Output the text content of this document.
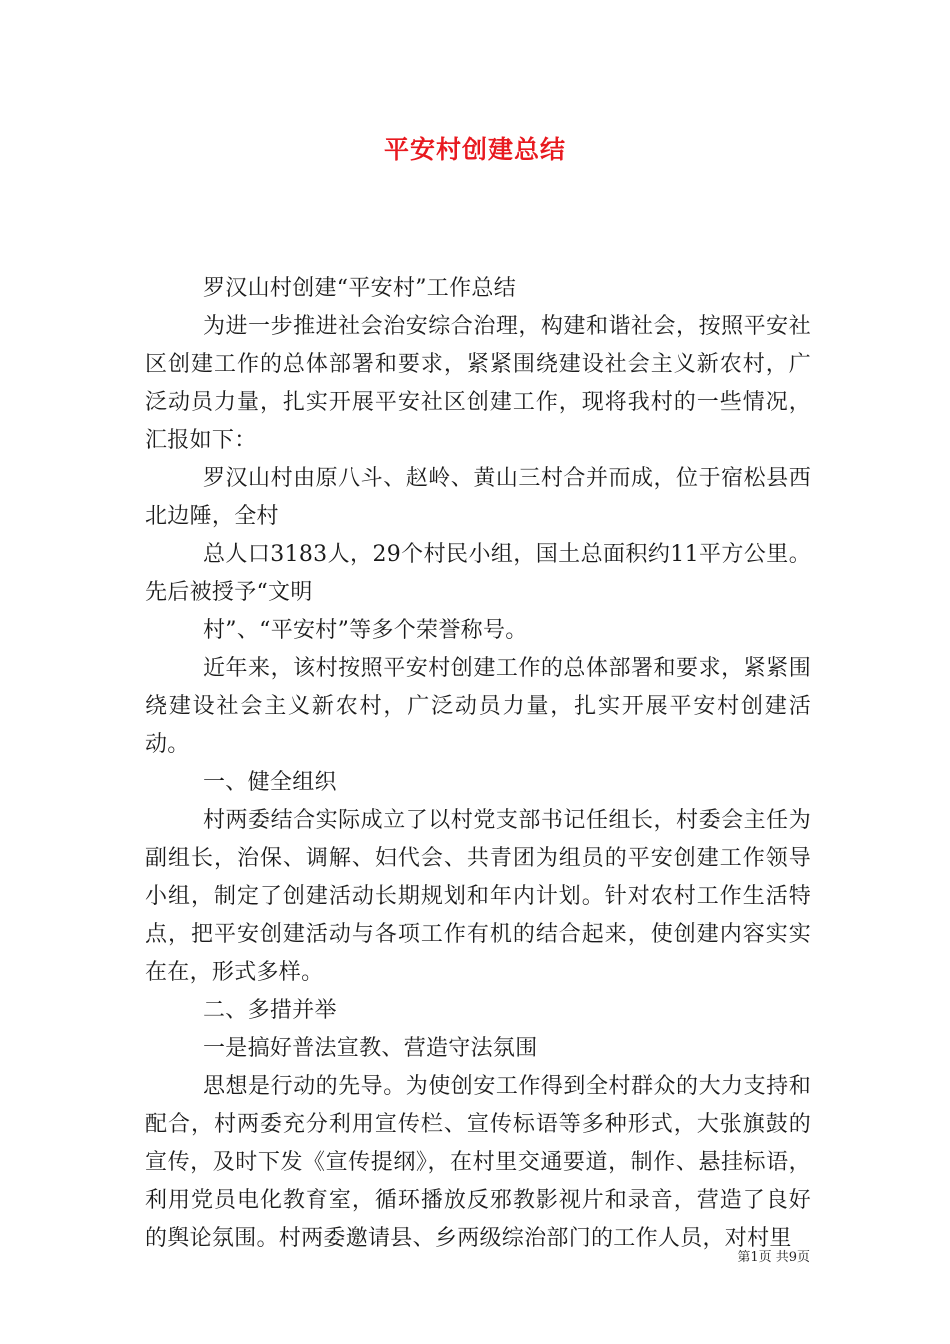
平安村创建总结

罗汉山村创建“平安村”工作总结

为进一步推进社会治安综合治理，构建和谐社会，按照平安社区创建工作的总体部署和要求，紧紧围绕建设社会主义新农村，广泛动员力量，扎实开展平安社区创建工作，现将我村的一些情况，汇报如下：

罗汉山村由原八斗、赵岭、黄山三村合并而成，位于宿松县西北边陲，全村

总人口3183人，29个村民小组，国土总面积约11平方公里。先后被授予“文明

村”、“平安村”等多个荣誉称号。

近年来，该村按照平安村创建工作的总体部署和要求，紧紧围绕建设社会主义新农村，广泛动员力量，扎实开展平安村创建活动。

一、健全组织

村两委结合实际成立了以村党支部书记任组长，村委会主任为副组长，治保、调解、妇代会、共青团为组员的平安创建工作领导小组，制定了创建活动长期规划和年内计划。针对农村工作生活特点，把平安创建活动与各项工作有机的结合起来，使创建内容实实在在，形式多样。

二、多措并举

一是搞好普法宣教、营造守法氛围

思想是行动的先导。为使创安工作得到全村群众的大力支持和配合，村两委充分利用宣传栏、宣传标语等多种形式，大张旗鼓的宣传，及时下发《宣传提纲》，在村里交通要道，制作、悬挂标语，利用党员电化教育室，循环播放反邪教影视片和录音，营造了良好的舆论氛围。村两委邀请县、乡两级综治部门的工作人员，对村里

第1页 共9页
